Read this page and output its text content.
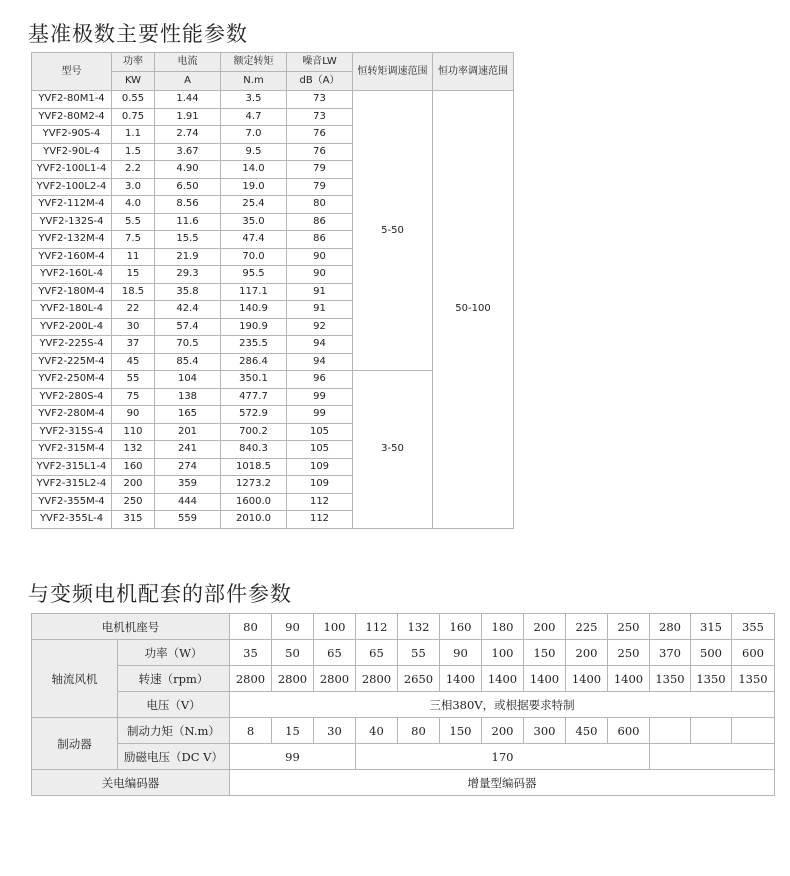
基准极数主要性能参数
型号	功率	电流	额定转矩	噪音LW	恒转矩调速范围	恒功率调速范围
	KW	A	N.m	dB（A）		
YVF2-80M1-4	0.55	1.44	3.5	73	5-50	50-100
YVF2-80M2-4	0.75	1.91	4.7	73		
YVF2-90S-4	1.1	2.74	7.0	76		
YVF2-90L-4	1.5	3.67	9.5	76		
YVF2-100L1-4	2.2	4.90	14.0	79		
YVF2-100L2-4	3.0	6.50	19.0	79		
YVF2-112M-4	4.0	8.56	25.4	80		
YVF2-132S-4	5.5	11.6	35.0	86		
YVF2-132M-4	7.5	15.5	47.4	86		
YVF2-160M-4	11	21.9	70.0	90		
YVF2-160L-4	15	29.3	95.5	90		
YVF2-180M-4	18.5	35.8	117.1	91		
YVF2-180L-4	22	42.4	140.9	91		
YVF2-200L-4	30	57.4	190.9	92		
YVF2-225S-4	37	70.5	235.5	94		
YVF2-225M-4	45	85.4	286.4	94		
YVF2-250M-4	55	104	350.1	96	3-50	
YVF2-280S-4	75	138	477.7	99		
YVF2-280M-4	90	165	572.9	99		
YVF2-315S-4	110	201	700.2	105		
YVF2-315M-4	132	241	840.3	105		
YVF2-315L1-4	160	274	1018.5	109		
YVF2-315L2-4	200	359	1273.2	109		
YVF2-355M-4	250	444	1600.0	112		
YVF2-355L-4	315	559	2010.0	112		
与变频电机配套的部件参数
电机机座号		80	90	100	112	132	160	180	200	225	250	280	315	355
轴流风机	功率（W）	35	50	65	65	55	90	100	150	200	250	370	500	600
	转速（rpm）	2800	2800	2800	2800	2650	1400	1400	1400	1400	1400	1350	1350	1350
	电压（V）	三相380V，或根据要求特制												
制动器	制动力矩（N.m）	8	15	30	40	80	150	200	300	450	600			
	励磁电压（DC V）	99			170									
关电编码器		增量型编码器												
